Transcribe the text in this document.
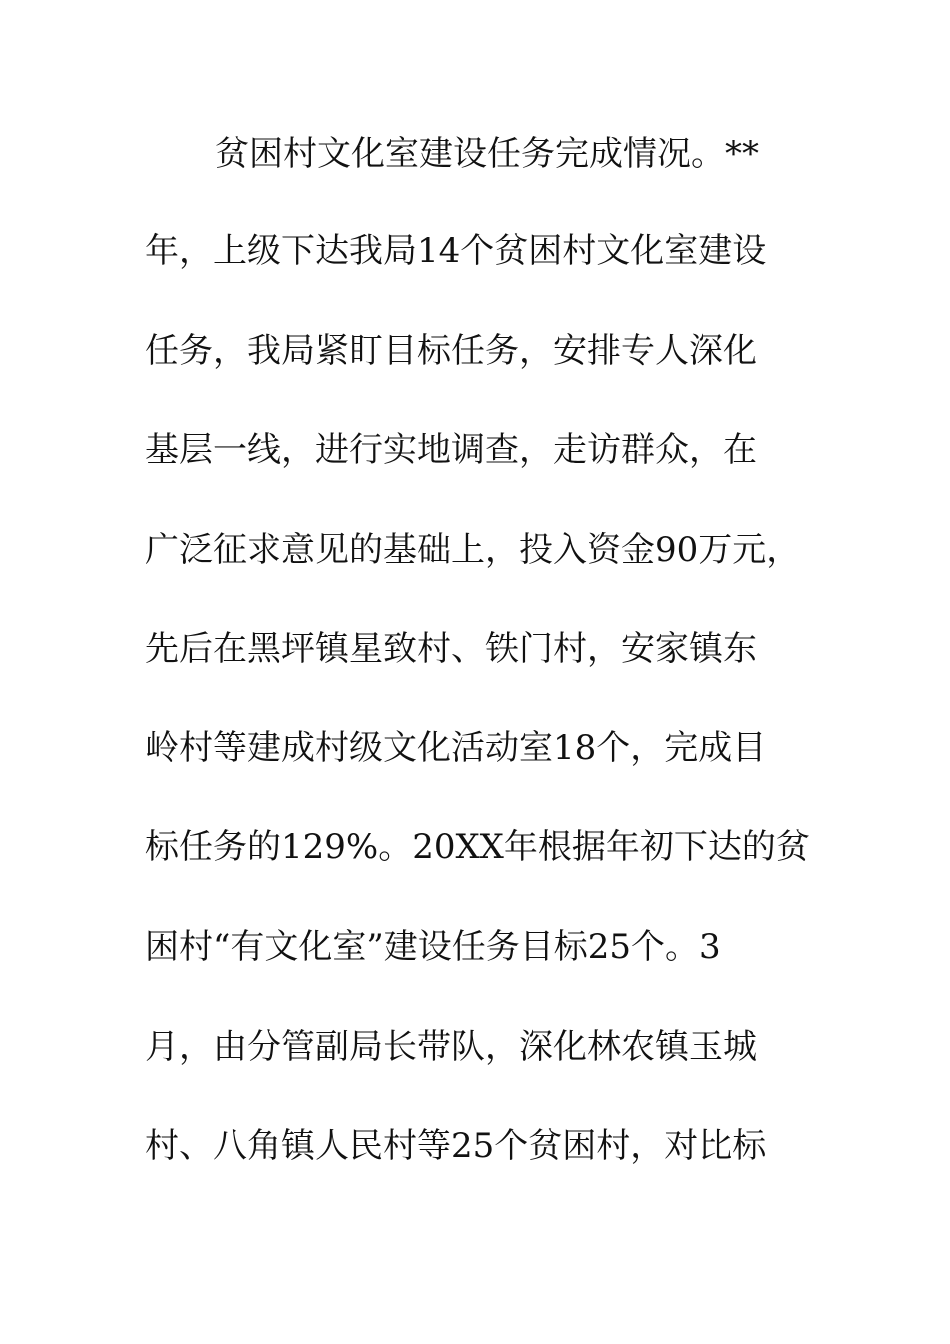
贫困村文化室建设任务完成情况。**
年，上级下达我局14个贫困村文化室建设
任务，我局紧盯目标任务，安排专人深化
基层一线，进行实地调查，走访群众，在
广泛征求意见的基础上，投入资金90万元，
先后在黑坪镇星致村、铁门村，安家镇东
岭村等建成村级文化活动室18个，完成目
标任务的129%。20XX年根据年初下达的贫
困村“有文化室”建设任务目标25个。3
月，由分管副局长带队，深化林农镇玉城
村、八角镇人民村等25个贫困村，对比标
